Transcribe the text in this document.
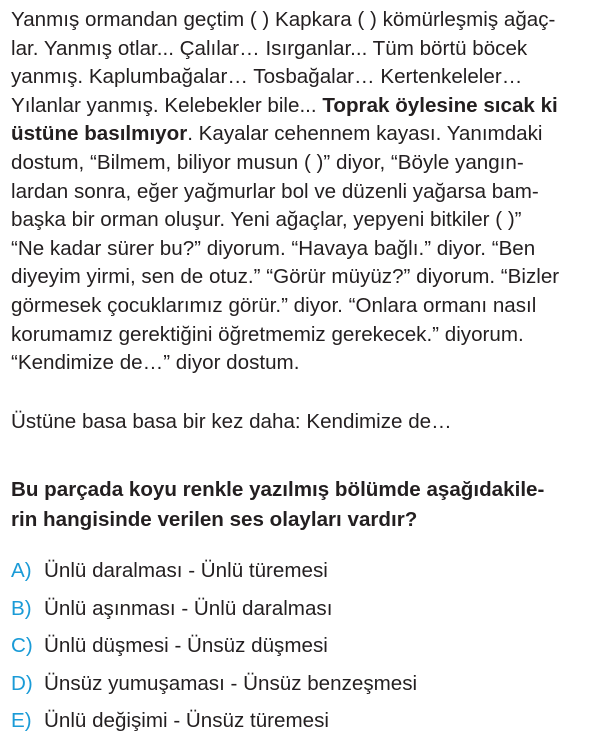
Yanmış ormandan geçtim ( ) Kapkara ( ) kömürleşmiş ağaç-
lar. Yanmış otlar... Çalılar… Isırganlar... Tüm börtü böcek
yanmış. Kaplumbağalar… Tosbağalar… Kertenkeleler…
Yılanlar yanmış. Kelebekler bile... Toprak öylesine sıcak ki
üstüne basılmıyor. Kayalar cehennem kayası. Yanımdaki
dostum, “Bilmem, biliyor musun ( )” diyor, “Böyle yangın-
lardan sonra, eğer yağmurlar bol ve düzenli yağarsa bam-
başka bir orman oluşur. Yeni ağaçlar, yepyeni bitkiler ( )”
“Ne kadar sürer bu?” diyorum. “Havaya bağlı.” diyor. “Ben
diyeyim yirmi, sen de otuz.” “Görür müyüz?” diyorum. “Bizler
görmesek çocuklarımız görür.” diyor. “Onlara ormanı nasıl
korumamız gerektiğini öğretmemiz gerekecek.” diyorum.
“Kendimize de…” diyor dostum.

Üstüne basa basa bir kez daha: Kendimize de…

Bu parçada koyu renkle yazılmış bölümde aşağıdakile-
rin hangisinde verilen ses olayları vardır?
A) Ünlü daralması - Ünlü türemesi
B) Ünlü aşınması - Ünlü daralması
C) Ünlü düşmesi - Ünsüz düşmesi
D) Ünsüz yumuşaması - Ünsüz benzeşmesi
E) Ünlü değişimi - Ünsüz türemesi
